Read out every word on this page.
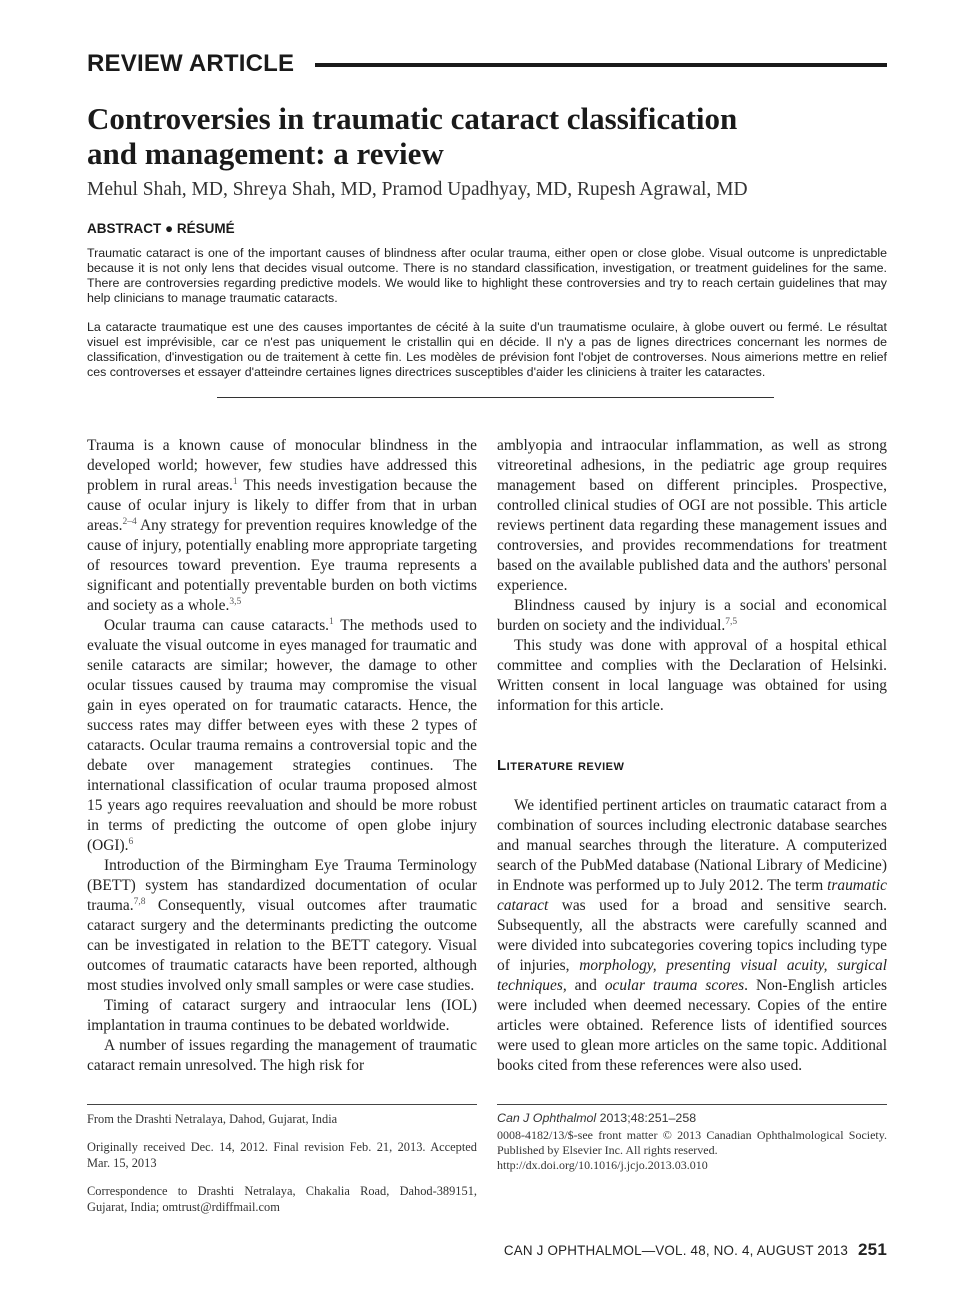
REVIEW ARTICLE
Controversies in traumatic cataract classification and management: a review
Mehul Shah, MD, Shreya Shah, MD, Pramod Upadhyay, MD, Rupesh Agrawal, MD
ABSTRACT ● RÉSUMÉ

Traumatic cataract is one of the important causes of blindness after ocular trauma, either open or close globe. Visual outcome is unpredictable because it is not only lens that decides visual outcome. There is no standard classification, investigation, or treatment guidelines for the same. There are controversies regarding predictive models. We would like to highlight these controversies and try to reach certain guidelines that may help clinicians to manage traumatic cataracts.

La cataracte traumatique est une des causes importantes de cécité à la suite d'un traumatisme oculaire, à globe ouvert ou fermé. Le résultat visuel est imprévisible, car ce n'est pas uniquement le cristallin qui en décide. Il n'y a pas de lignes directrices concernant les normes de classification, d'investigation ou de traitement à cette fin. Les modèles de prévision font l'objet de controverses. Nous aimerions mettre en relief ces controverses et essayer d'atteindre certaines lignes directrices susceptibles d'aider les cliniciens à traiter les cataractes.

Trauma is a known cause of monocular blindness in the developed world; however, few studies have addressed this problem in rural areas.$^1$ This needs investigation because the cause of ocular injury is likely to differ from that in urban areas.$^{2-4}$ Any strategy for prevention requires knowledge of the cause of injury, potentially enabling more appropriate targeting of resources toward prevention. Eye trauma represents a significant and potentially preventable burden on both victims and society as a whole.$^{3,5}$

Ocular trauma can cause cataracts.$^1$ The methods used to evaluate the visual outcome in eyes managed for traumatic and senile cataracts are similar; however, the damage to other ocular tissues caused by trauma may compromise the visual gain in eyes operated on for traumatic cataracts. Hence, the success rates may differ between eyes with these 2 types of cataracts. Ocular trauma remains a controversial topic and the debate over management strategies continues. The international classification of ocular trauma proposed almost 15 years ago requires reevaluation and should be more robust in terms of predicting the outcome of open globe injury (OGI).$^6$

Introduction of the Birmingham Eye Trauma Terminology (BETT) system has standardized documentation of ocular trauma.$^{7,8}$ Consequently, visual outcomes after traumatic cataract surgery and the determinants predicting the outcome can be investigated in relation to the BETT category. Visual outcomes of traumatic cataracts have been reported, although most studies involved only small samples or were case studies.

Timing of cataract surgery and intraocular lens (IOL) implantation in trauma continues to be debated worldwide.

A number of issues regarding the management of traumatic cataract remain unresolved. The high risk for

amblyopia and intraocular inflammation, as well as strong vitreoretinal adhesions, in the pediatric age group requires management based on different principles. Prospective, controlled clinical studies of OGI are not possible. This article reviews pertinent data regarding these management issues and controversies, and provides recommendations for treatment based on the available published data and the authors' personal experience.

Blindness caused by injury is a social and economical burden on society and the individual.$^{7,5}$

This study was done with approval of a hospital ethical committee and complies with the Declaration of Helsinki. Written consent in local language was obtained for using information for this article.

Literature review

We identified pertinent articles on traumatic cataract from a combination of sources including electronic database searches and manual searches through the literature. A computerized search of the PubMed database (National Library of Medicine) in Endnote was performed up to July 2012. The term traumatic cataract was used for a broad and sensitive search. Subsequently, all the abstracts were carefully scanned and were divided into subcategories covering topics including type of injuries, morphology, presenting visual acuity, surgical techniques, and ocular trauma scores. Non-English articles were included when deemed necessary. Copies of the entire articles were obtained. Reference lists of identified sources were used to glean more articles on the same topic. Additional books cited from these references were also used.

From the Drashti Netralaya, Dahod, Gujarat, India

Originally received Dec. 14, 2012. Final revision Feb. 21, 2013. Accepted Mar. 15, 2013

Correspondence to Drashti Netralaya, Chakalia Road, Dahod-389151, Gujarat, India; omtrust@rdiffmail.com

Can J Ophthalmol 2013;48:251–258
0008-4182/13/$-see front matter © 2013 Canadian Ophthalmological Society. Published by Elsevier Inc. All rights reserved.
http://dx.doi.org/10.1016/j.jcjo.2013.03.010
CAN J OPHTHALMOL—VOL. 48, NO. 4, AUGUST 2013 251
